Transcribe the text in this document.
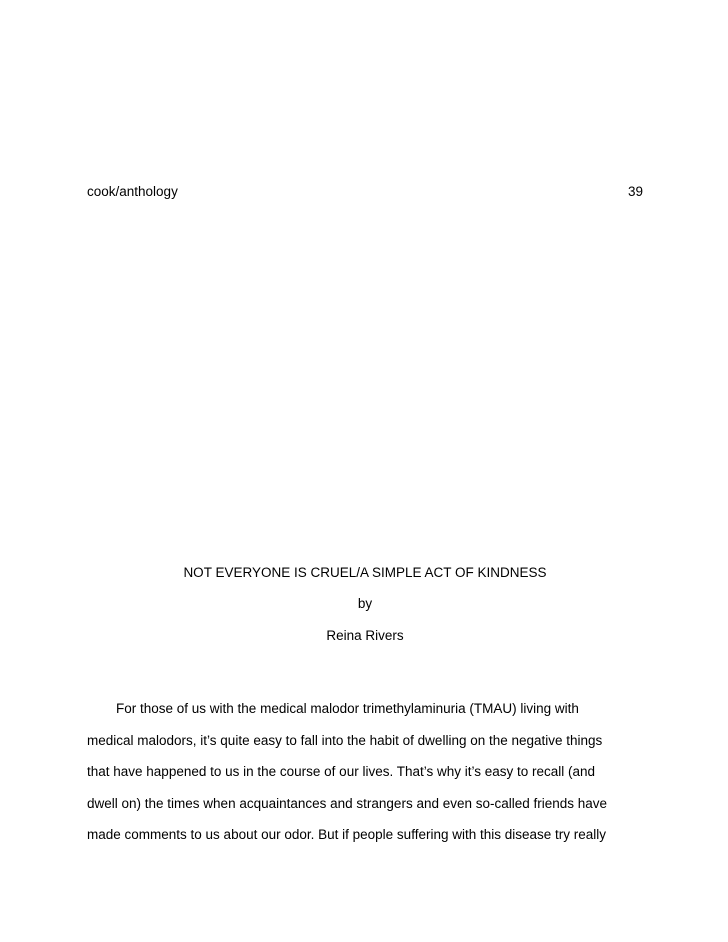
cook/anthology	39
NOT EVERYONE IS CRUEL/A SIMPLE ACT OF KINDNESS
by
Reina Rivers
For those of us with the medical malodor trimethylaminuria (TMAU) living with
medical malodors, it’s quite easy to fall into the habit of dwelling on the negative things
that have happened to us in the course of our lives. That’s why it’s easy to recall (and
dwell on) the times when acquaintances and strangers and even so-called friends have
made comments to us about our odor. But if people suffering with this disease try really
